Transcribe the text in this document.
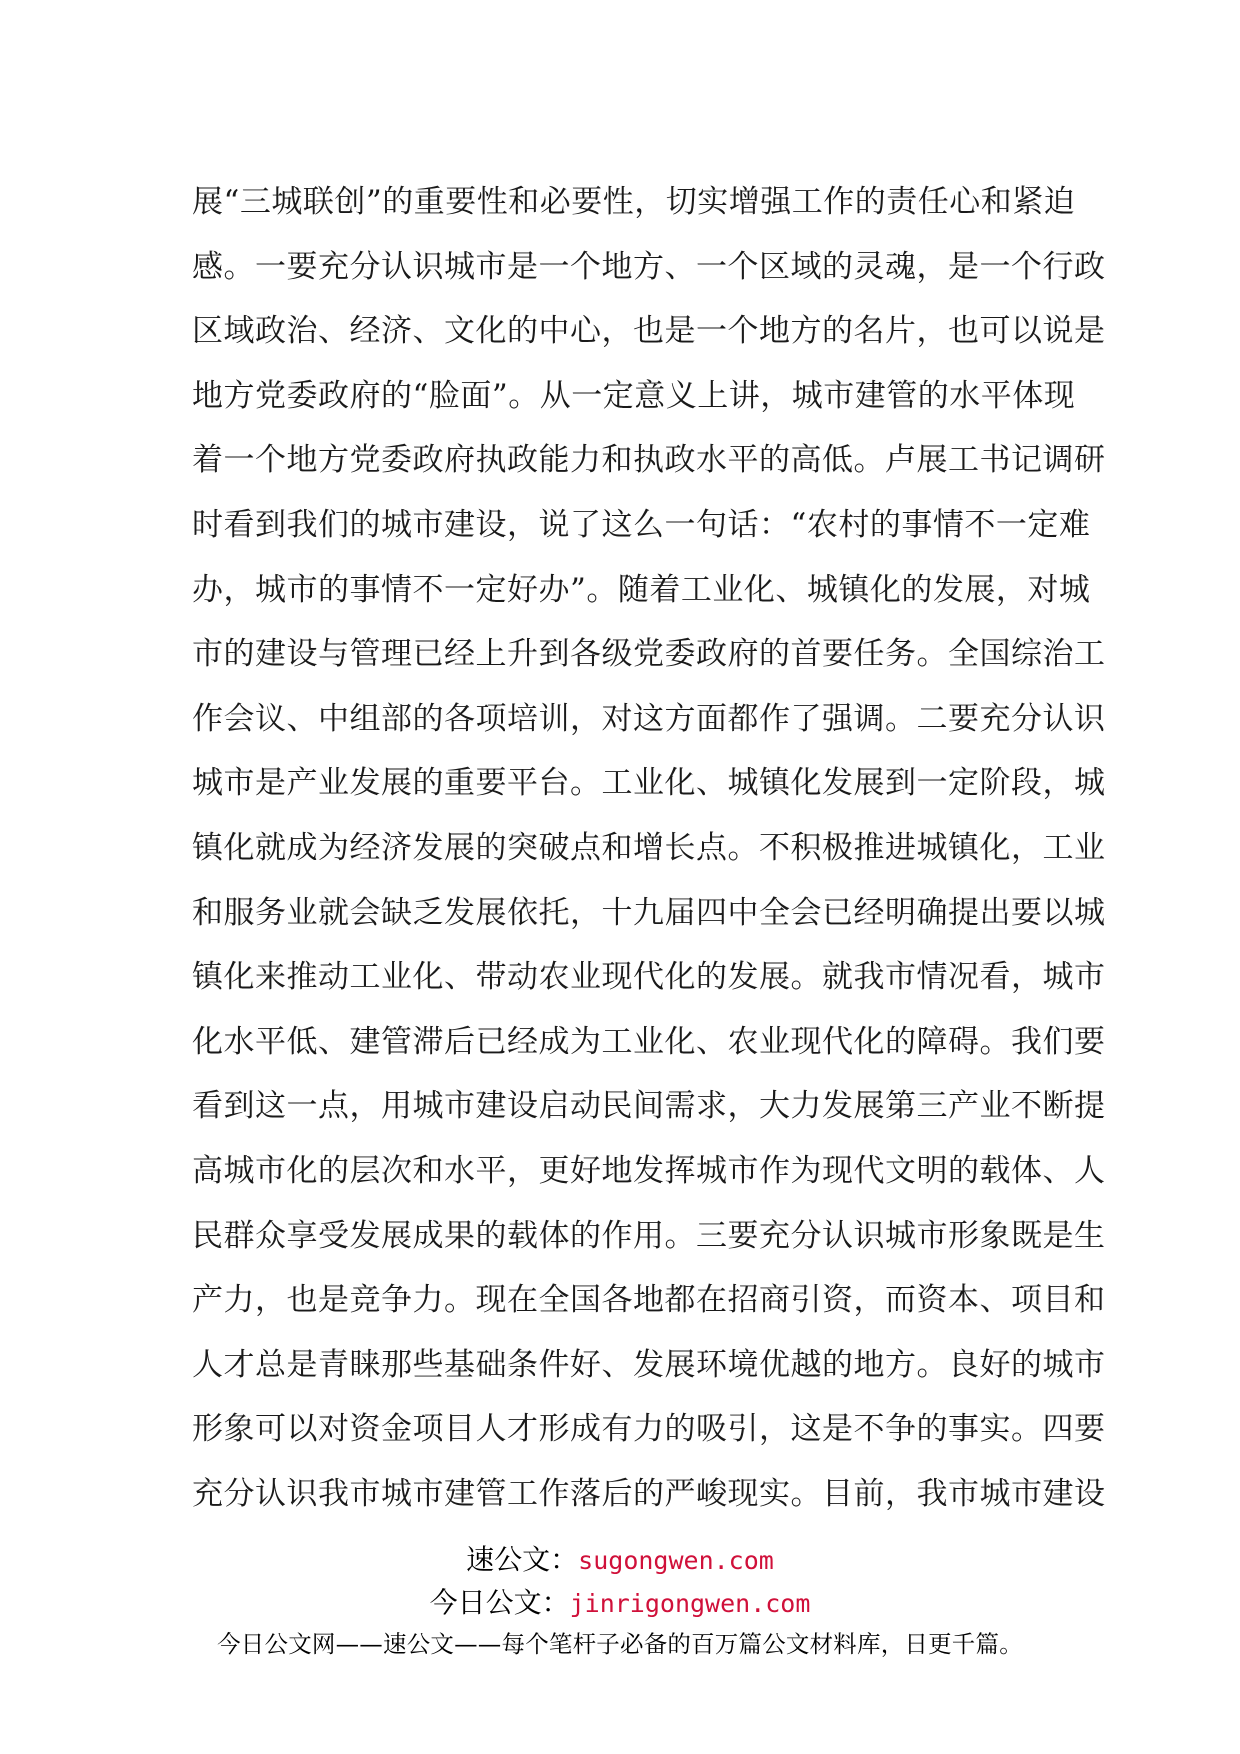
展“三城联创”的重要性和必要性，切实增强工作的责任心和紧迫
感。一要充分认识城市是一个地方、一个区域的灵魂，是一个行政
区域政治、经济、文化的中心，也是一个地方的名片，也可以说是
地方党委政府的“脸面”。从一定意义上讲，城市建管的水平体现
着一个地方党委政府执政能力和执政水平的高低。卢展工书记调研
时看到我们的城市建设，说了这么一句话：“农村的事情不一定难
办，城市的事情不一定好办”。随着工业化、城镇化的发展，对城
市的建设与管理已经上升到各级党委政府的首要任务。全国综治工
作会议、中组部的各项培训，对这方面都作了强调。二要充分认识
城市是产业发展的重要平台。工业化、城镇化发展到一定阶段，城
镇化就成为经济发展的突破点和增长点。不积极推进城镇化，工业
和服务业就会缺乏发展依托，十九届四中全会已经明确提出要以城
镇化来推动工业化、带动农业现代化的发展。就我市情况看，城市
化水平低、建管滞后已经成为工业化、农业现代化的障碍。我们要
看到这一点，用城市建设启动民间需求，大力发展第三产业不断提
高城市化的层次和水平，更好地发挥城市作为现代文明的载体、人
民群众享受发展成果的载体的作用。三要充分认识城市形象既是生
产力，也是竞争力。现在全国各地都在招商引资，而资本、项目和
人才总是青睐那些基础条件好、发展环境优越的地方。良好的城市
形象可以对资金项目人才形成有力的吸引，这是不争的事实。四要
充分认识我市城市建管工作落后的严峻现实。目前，我市城市建设
速公文：sugongwen.com
今日公文：jinrigongwen.com
今日公文网——速公文——每个笔杆子必备的百万篇公文材料库，日更千篇。
